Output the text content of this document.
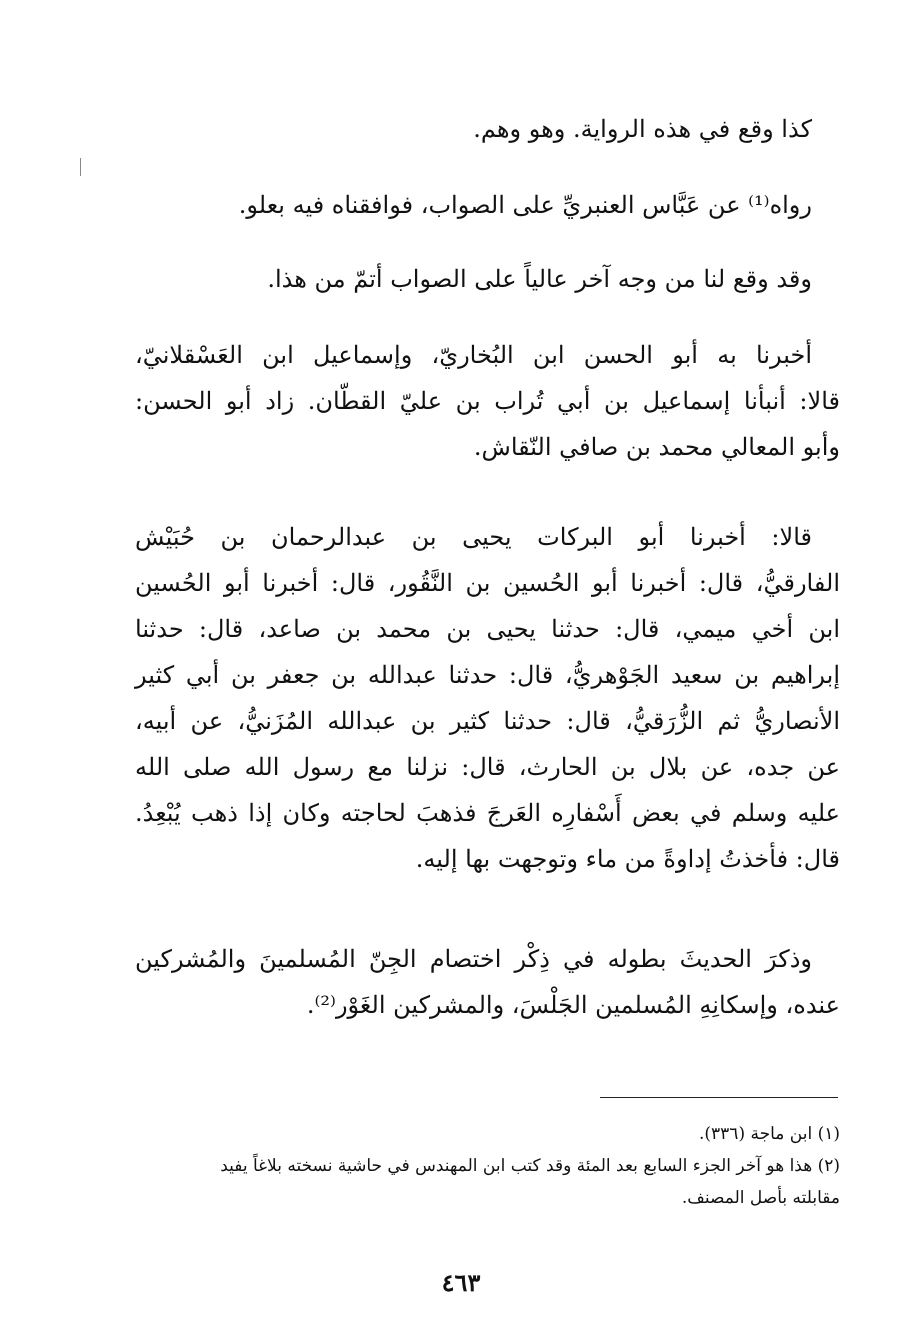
كذا وقع في هذه الرواية. وهو وهم.
رواه⁽¹⁾ عن عَبَّاس العنبريِّ على الصواب، فوافقناه فيه بعلو.
وقد وقع لنا من وجه آخر عالياً على الصواب أتمّ من هذا.
أخبرنا به أبو الحسن ابن البُخاريّ، وإسماعيل ابن العَسْقلانيّ،
قالا: أنبأنا إسماعيل بن أبي تُراب بن عليّ القطّان. زاد أبو الحسن:
وأبو المعالي محمد بن صافي النّقاش.
قالا: أخبرنا أبو البركات يحيى بن عبدالرحمان بن حُبَيْش
الفارقيُّ، قال: أخبرنا أبو الحُسين بن النَّقُور، قال: أخبرنا أبو الحُسين
ابن أخي ميمي، قال: حدثنا يحيى بن محمد بن صاعد، قال: حدثنا
إبراهيم بن سعيد الجَوْهريُّ، قال: حدثنا عبدالله بن جعفر بن أبي كثير
الأنصاريُّ ثم الزُّرَقيُّ، قال: حدثنا كثير بن عبدالله المُزَنيُّ، عن أبيه،
عن جده، عن بلال بن الحارث، قال: نزلنا مع رسول الله صلى الله
عليه وسلم في بعض أَسْفارِه العَرجَ فذهبَ لحاجته وكان إذا ذهب يُبْعِدُ.
قال: فأخذتُ إداوةً من ماء وتوجهت بها إليه.
وذكرَ الحديثَ بطوله في ذِكْر اختصام الجِنّ المُسلمينَ والمُشركين
عنده، وإسكانِهِ المُسلمين الجَلْسَ، والمشركين الغَوْر⁽²⁾.
(١) ابن ماجة (٣٣٦).
(٢) هذا هو آخر الجزء السابع بعد المئة وقد كتب ابن المهندس في حاشية نسخته بلاغاً يفيد
مقابلته بأصل المصنف.
٤٦٣
